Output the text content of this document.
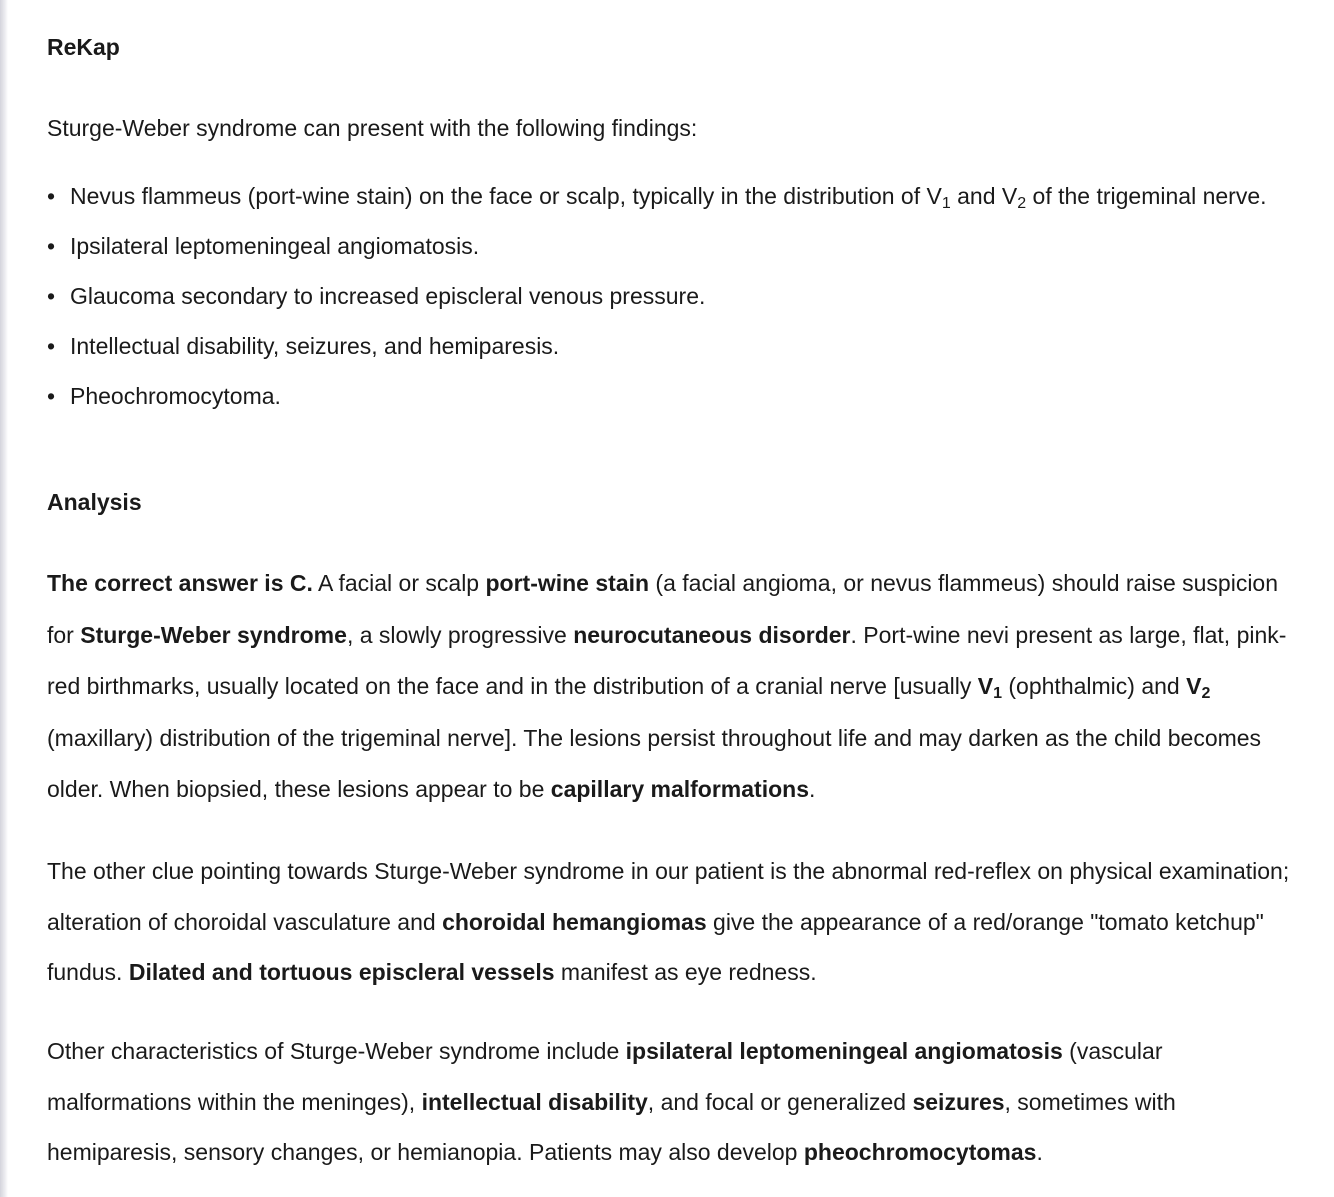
ReKap

Sturge-Weber syndrome can present with the following findings:

• Nevus flammeus (port-wine stain) on the face or scalp, typically in the distribution of $V_1$ and $V_2$ of the trigeminal nerve.
• Ipsilateral leptomeningeal angiomatosis.
• Glaucoma secondary to increased episcleral venous pressure.
• Intellectual disability, seizures, and hemiparesis.
• Pheochromocytoma.
Analysis

The correct answer is C. A facial or scalp port-wine stain (a facial angioma, or nevus flammeus) should raise suspicion for Sturge-Weber syndrome, a slowly progressive neurocutaneous disorder. Port-wine nevi present as large, flat, pink-red birthmarks, usually located on the face and in the distribution of a cranial nerve [usually $V_1$ (ophthalmic) and $V_2$ (maxillary) distribution of the trigeminal nerve]. The lesions persist throughout life and may darken as the child becomes older. When biopsied, these lesions appear to be capillary malformations.

The other clue pointing towards Sturge-Weber syndrome in our patient is the abnormal red-reflex on physical examination; alteration of choroidal vasculature and choroidal hemangiomas give the appearance of a red/orange "tomato ketchup" fundus. Dilated and tortuous episcleral vessels manifest as eye redness.

Other characteristics of Sturge-Weber syndrome include ipsilateral leptomeningeal angiomatosis (vascular malformations within the meninges), intellectual disability, and focal or generalized seizures, sometimes with hemiparesis, sensory changes, or hemianopia. Patients may also develop pheochromocytomas.
